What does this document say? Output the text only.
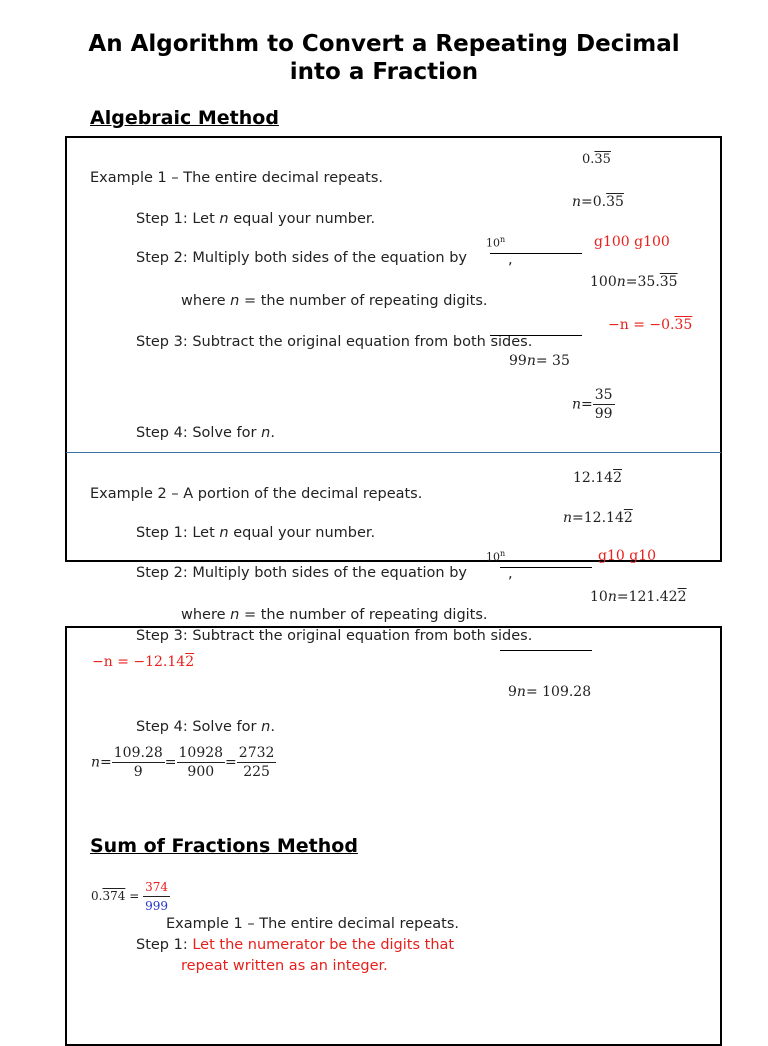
An Algorithm to Convert a Repeating Decimal
into a Fraction
Algebraic Method
Example 1 – The entire decimal repeats.
Step 1: Let n equal your number.
Step 2: Multiply both sides of the equation by
where n = the number of repeating digits.
Step 3: Subtract the original equation from both sides.
Step 4: Solve for n.
0.35
n=0.35
10$^n$
,
g100 g100
100n=35.35
−n = −0.35
99n= 35
$n= \frac{35}{99}$
Example 2 – A portion of the decimal repeats.
Step 1: Let n equal your number.
Step 2: Multiply both sides of the equation by
where n = the number of repeating digits.
Step 3: Subtract the original equation from both sides.
Step 4: Solve for n.
12.142
n=12.142
10$^n$
,
g10 g10
10n=121.422
−n = −12.142
9n= 109.28
$n= \frac{109.28}{9} = \frac{10928}{900} = \frac{2732}{225}$
Sum of Fractions Method
$0.374 = \frac{374}{999}$
Example 1 – The entire decimal repeats.
Step 1: Let the numerator be the digits that
repeat written as an integer.
